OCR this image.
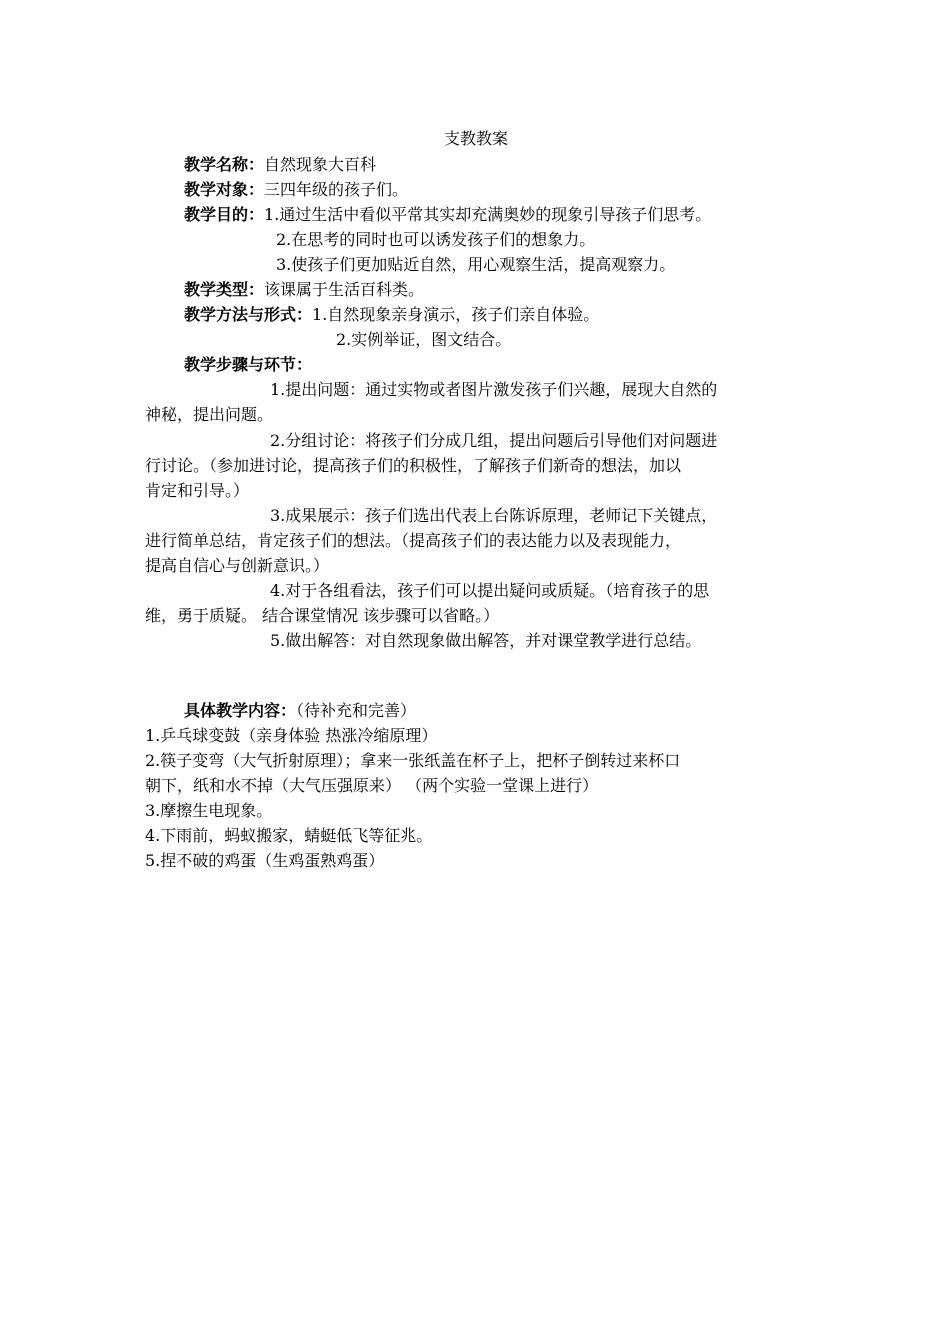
支教教案
教学名称：自然现象大百科
教学对象：三四年级的孩子们。
教学目的：1.通过生活中看似平常其实却充满奥妙的现象引导孩子们思考。
2.在思考的同时也可以诱发孩子们的想象力。
3.使孩子们更加贴近自然，用心观察生活，提高观察力。
教学类型：该课属于生活百科类。
教学方法与形式：1.自然现象亲身演示，孩子们亲自体验。
2.实例举证，图文结合。
教学步骤与环节：
1.提出问题：通过实物或者图片激发孩子们兴趣，展现大自然的
神秘，提出问题。
2.分组讨论：将孩子们分成几组，提出问题后引导他们对问题进
行讨论。（参加进讨论，提高孩子们的积极性，了解孩子们新奇的想法，加以
肯定和引导。）
3.成果展示：孩子们选出代表上台陈诉原理，老师记下关键点，
进行简单总结，肯定孩子们的想法。（提高孩子们的表达能力以及表现能力，
提高自信心与创新意识。）
4.对于各组看法，孩子们可以提出疑问或质疑。（培育孩子的思
维，勇于质疑。 结合课堂情况 该步骤可以省略。）
5.做出解答：对自然现象做出解答，并对课堂教学进行总结。
具体教学内容：（待补充和完善）
1.乒乓球变鼓（亲身体验 热涨冷缩原理）
2.筷子变弯（大气折射原理）；拿来一张纸盖在杯子上，把杯子倒转过来杯口
朝下，纸和水不掉（大气压强原来） （两个实验一堂课上进行）
3.摩擦生电现象。
4.下雨前，蚂蚁搬家，蜻蜓低飞等征兆。
5.捏不破的鸡蛋（生鸡蛋熟鸡蛋）
